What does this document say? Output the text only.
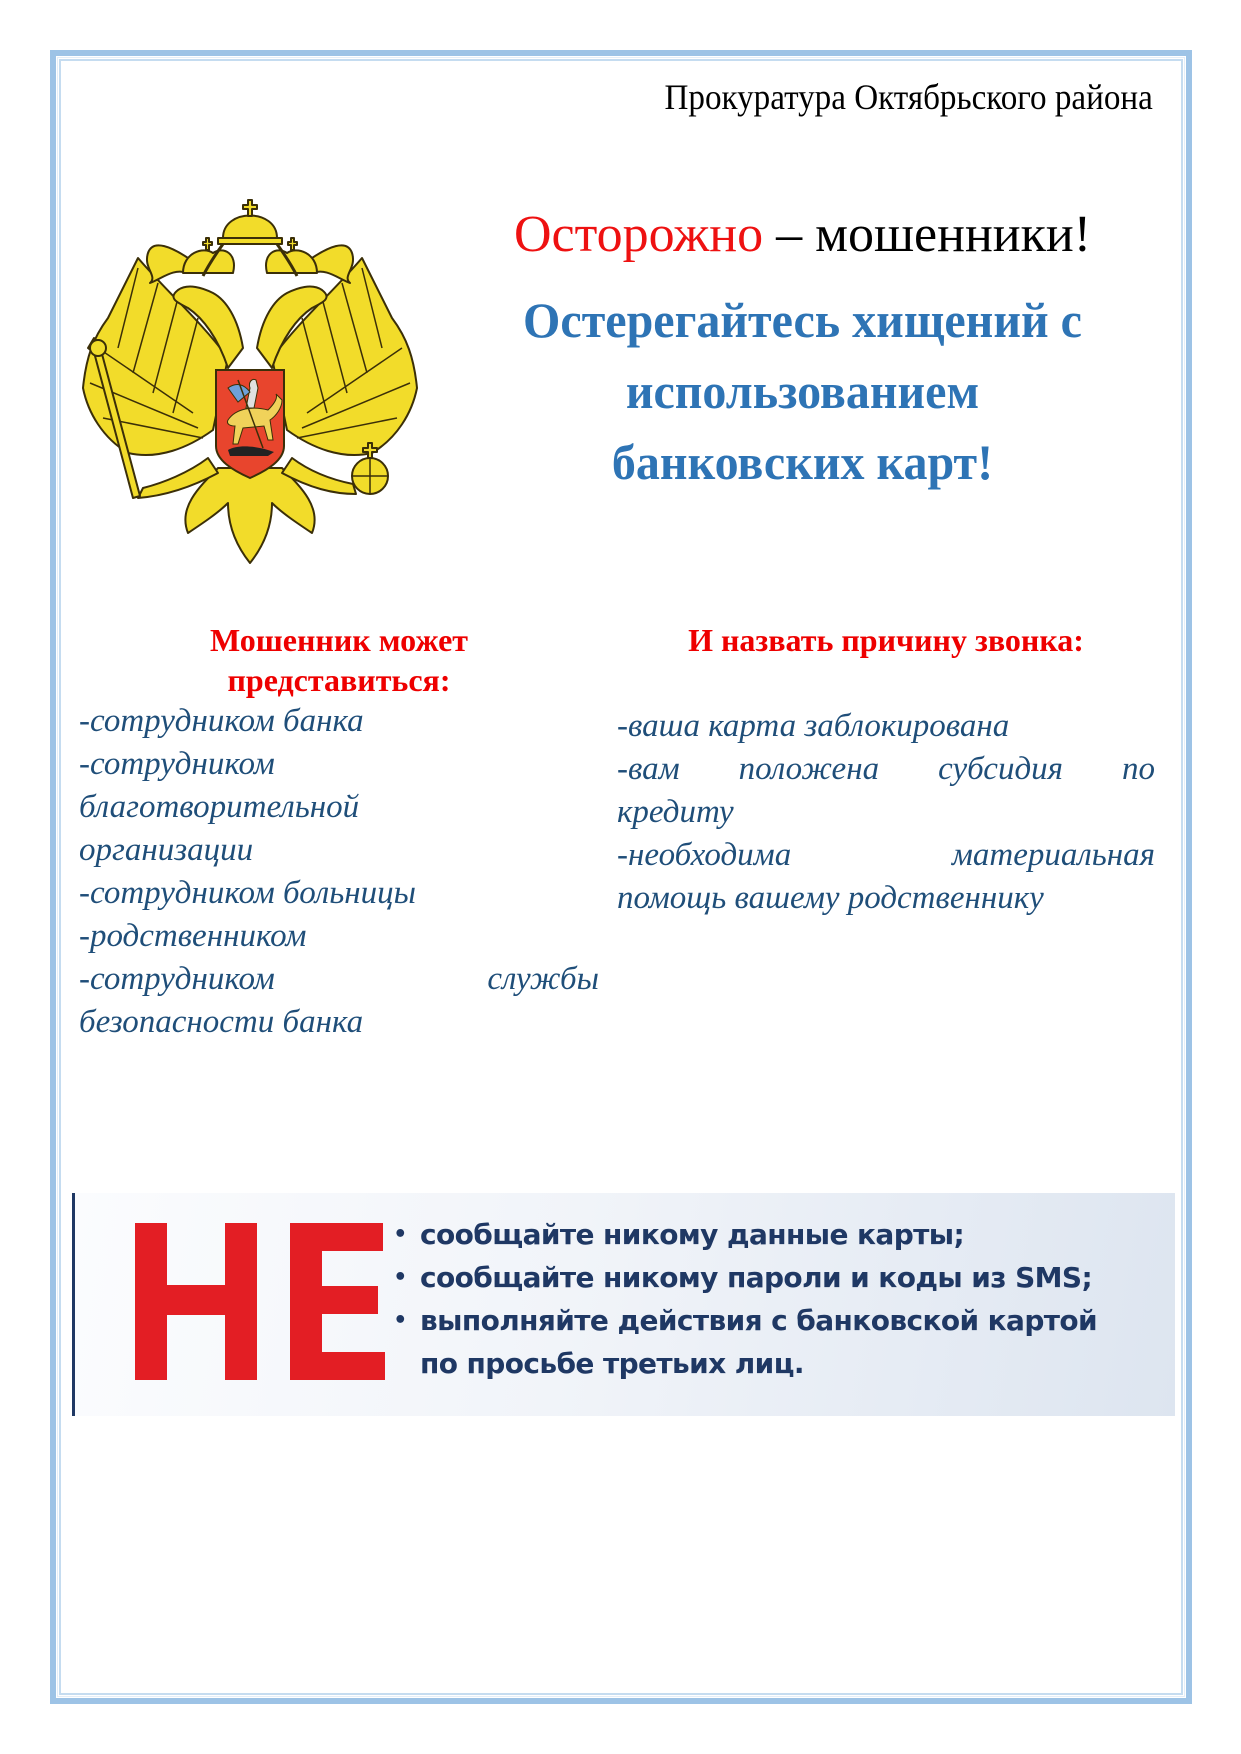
Прокуратура Октябрьского района
Осторожно – мошенники!
Остерегайтесь хищений с
использованием
банковских карт!
Мошенник может
представиться:
-сотрудником банка
-сотрудником
благотворительной
организации
-сотрудником больницы
-родственником
-сотрудником	службы
безопасности банка
И назвать причину звонка:
-ваша карта заблокирована
-вам положена субсидия по
кредиту
-необходима	материальная
помощь вашему родственнику
• сообщайте никому данные карты;
• сообщайте никому пароли и коды из SMS;
• выполняйте действия с банковской картой
по просьбе третьих лиц.
